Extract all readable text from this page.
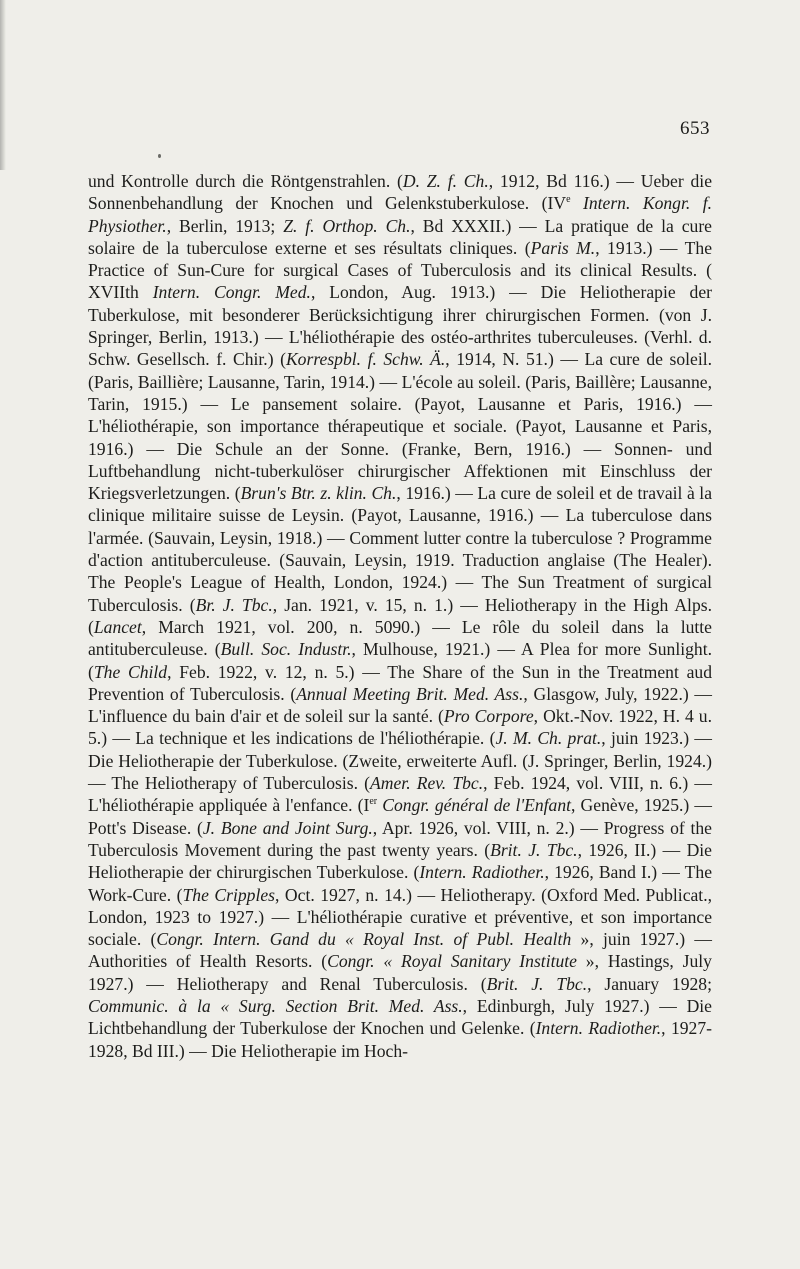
653

und Kontrolle durch die Röntgenstrahlen. (D. Z. f. Ch., 1912, Bd 116.) — Ueber die Sonnenbehandlung der Knochen und Gelenkstuberkulose. (IVe Intern. Kongr. f. Physiother., Berlin, 1913; Z. f. Orthop. Ch., Bd XXXII.) — La pratique de la cure solaire de la tuberculose externe et ses résultats cliniques. (Paris M., 1913.) — The Practice of Sun-Cure for surgical Cases of Tuberculosis and its clinical Results. ( XVIIth Intern. Congr. Med., London, Aug. 1913.) — Die Heliotherapie der Tuberkulose, mit besonderer Berücksichtigung ihrer chirurgischen Formen. (von J. Springer, Berlin, 1913.) — L'héliothérapie des ostéo-arthrites tuberculeuses. (Verhl. d. Schw. Gesellsch. f. Chir.) (Korrespbl. f. Schw. Ä., 1914, N. 51.) — La cure de soleil. (Paris, Baillière; Lausanne, Tarin, 1914.) — L'école au soleil. (Paris, Baillère; Lausanne, Tarin, 1915.) — Le pansement solaire. (Payot, Lausanne et Paris, 1916.) — L'héliothérapie, son importance thérapeutique et sociale. (Payot, Lausanne et Paris, 1916.) — Die Schule an der Sonne. (Franke, Bern, 1916.) — Sonnen- und Luftbehandlung nicht-tuberkulöser chirurgischer Affektionen mit Einschluss der Kriegsverletzungen. (Brun's Btr. z. klin. Ch., 1916.) — La cure de soleil et de travail à la clinique militaire suisse de Leysin. (Payot, Lausanne, 1916.) — La tuberculose dans l'armée. (Sauvain, Leysin, 1918.) — Comment lutter contre la tuberculose ? Programme d'action antituberculeuse. (Sauvain, Leysin, 1919. Traduction anglaise (The Healer). The People's League of Health, London, 1924.) — The Sun Treatment of surgical Tuberculosis. (Br. J. Tbc., Jan. 1921, v. 15, n. 1.) — Heliotherapy in the High Alps. (Lancet, March 1921, vol. 200, n. 5090.) — Le rôle du soleil dans la lutte antituberculeuse. (Bull. Soc. Industr., Mulhouse, 1921.) — A Plea for more Sunlight. (The Child, Feb. 1922, v. 12, n. 5.) — The Share of the Sun in the Treatment aud Prevention of Tuberculosis. (Annual Meeting Brit. Med. Ass., Glasgow, July, 1922.) — L'influence du bain d'air et de soleil sur la santé. (Pro Corpore, Okt.-Nov. 1922, H. 4 u. 5.) — La technique et les indications de l'héliothérapie. (J. M. Ch. prat., juin 1923.) — Die Heliotherapie der Tuberkulose. (Zweite, erweiterte Aufl. (J. Springer, Berlin, 1924.) — The Heliotherapy of Tuberculosis. (Amer. Rev. Tbc., Feb. 1924, vol. VIII, n. 6.) — L'héliothérapie appliquée à l'enfance. (Ier Congr. général de l'Enfant, Genève, 1925.) — Pott's Disease. (J. Bone and Joint Surg., Apr. 1926, vol. VIII, n. 2.) — Progress of the Tuberculosis Movement during the past twenty years. (Brit. J. Tbc., 1926, II.) — Die Heliotherapie der chirurgischen Tuberkulose. (Intern. Radiother., 1926, Band I.) — The Work-Cure. (The Cripples, Oct. 1927, n. 14.) — Heliotherapy. (Oxford Med. Publicat., London, 1923 to 1927.) — L'héliothérapie curative et préventive, et son importance sociale. (Congr. Intern. Gand du « Royal Inst. of Publ. Health », juin 1927.) — Authorities of Health Resorts. (Congr. « Royal Sanitary Institute », Hastings, July 1927.) — Heliotherapy and Renal Tuberculosis. (Brit. J. Tbc., January 1928; Communic. à la « Surg. Section Brit. Med. Ass., Edinburgh, July 1927.) — Die Lichtbehandlung der Tuberkulose der Knochen und Gelenke. (Intern. Radiother., 1927-1928, Bd III.) — Die Heliotherapie im Hoch-
